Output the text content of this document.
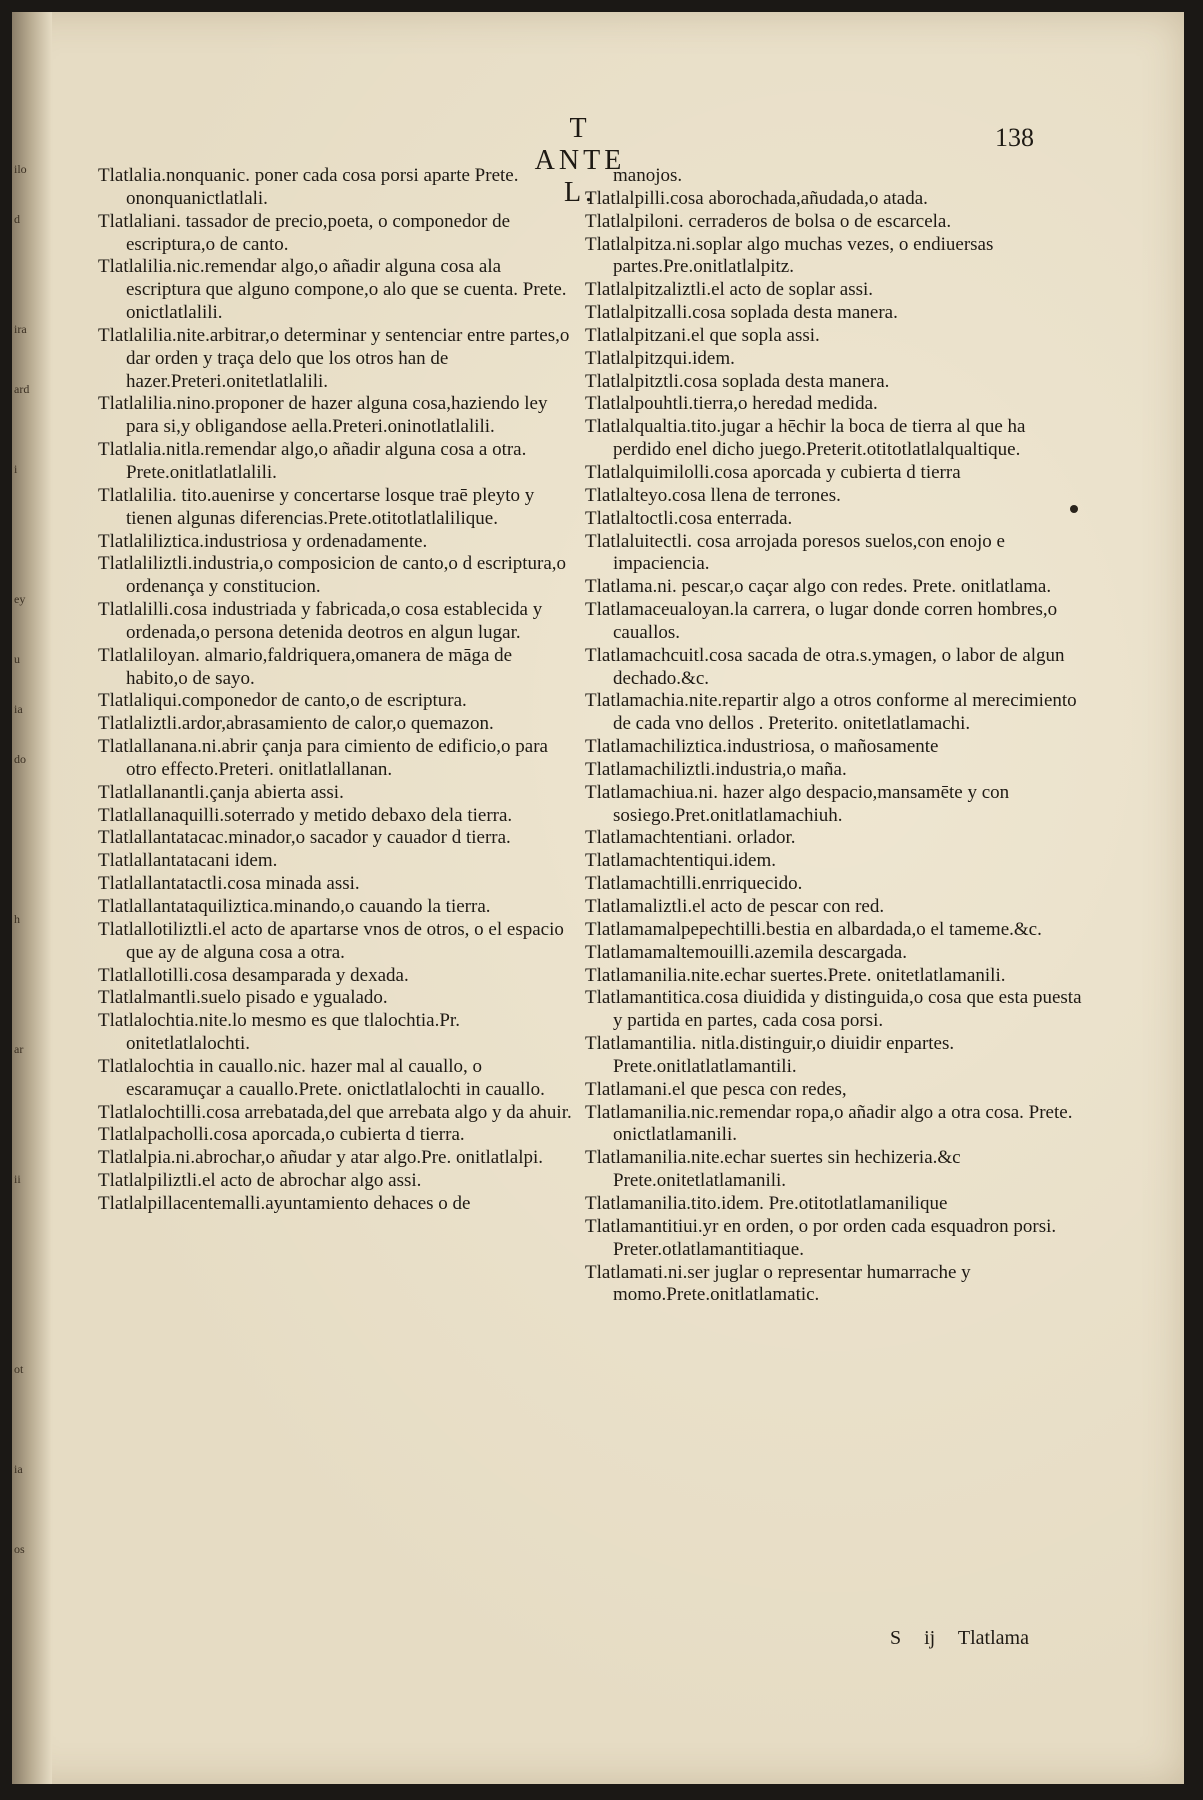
ilo
d
ira
ard
i
ey
u
ia
do
h
ar
ii
ot
ia
os
T ANTE L.
138

Tlatlalia.nonquanic. poner cada cosa porsi aparte Prete. ononquanictlatlali.

Tlatlaliani. tassador de precio,poeta, o componedor de escriptura,o de canto.

Tlatlalilia.nic.remendar algo,o añadir alguna cosa ala escriptura que alguno compone,o alo que se cuenta. Prete. onictlatlalili.

Tlatlalilia.nite.arbitrar,o determinar y sentenciar entre partes,o dar orden y traça delo que los otros han de hazer.Preteri.onitetlatlalili.

Tlatlalilia.nino.proponer de hazer alguna cosa,haziendo ley para si,y obligandose aella.Preteri.oninotlatlalili.

Tlatlalia.nitla.remendar algo,o añadir alguna cosa a otra. Prete.onitlatlatlalili.

Tlatlalilia. tito.auenirse y concertarse losque traē pleyto y tienen algunas diferencias.Prete.otitotlatlalilique.

Tlatlaliliztica.industriosa y ordenadamente.

Tlatlaliliztli.industria,o composicion de canto,o d escriptura,o ordenança y constitucion.

Tlatlalilli.cosa industriada y fabricada,o cosa establecida y ordenada,o persona detenida deotros en algun lugar.

Tlatlaliloyan. almario,faldriquera,omanera de māga de habito,o de sayo.

Tlatlaliqui.componedor de canto,o de escriptura.

Tlatlaliztli.ardor,abrasamiento de calor,o quemazon.

Tlatlallanana.ni.abrir çanja para cimiento de edificio,o para otro effecto.Preteri. onitlatlallanan.

Tlatlallanantli.çanja abierta assi.

Tlatlallanaquilli.soterrado y metido debaxo dela tierra.

Tlatlallantatacac.minador,o sacador y cauador d tierra.

Tlatlallantatacani idem.

Tlatlallantatactli.cosa minada assi.

Tlatlallantataquiliztica.minando,o cauando la tierra.

Tlatlallotiliztli.el acto de apartarse vnos de otros, o el espacio que ay de alguna cosa a otra.

Tlatlallotilli.cosa desamparada y dexada.

Tlatlalmantli.suelo pisado e ygualado.

Tlatlalochtia.nite.lo mesmo es que tlalochtia.Pr. onitetlatlalochti.

Tlatlalochtia in cauallo.nic. hazer mal al cauallo, o escaramuçar a cauallo.Prete. onictlatlalochti in cauallo.

Tlatlalochtilli.cosa arrebatada,del que arrebata algo y da ahuir.

Tlatlalpacholli.cosa aporcada,o cubierta d tierra.

Tlatlalpia.ni.abrochar,o añudar y atar algo.Pre. onitlatlalpi.

Tlatlalpiliztli.el acto de abrochar algo assi.

Tlatlalpillacentemalli.ayuntamiento dehaces o de

manojos.

Tlatlalpilli.cosa aborochada,añudada,o atada.

Tlatlalpiloni. cerraderos de bolsa o de escarcela.

Tlatlalpitza.ni.soplar algo muchas vezes, o endiuersas partes.Pre.onitlatlalpitz.

Tlatlalpitzaliztli.el acto de soplar assi.

Tlatlalpitzalli.cosa soplada desta manera.

Tlatlalpitzani.el que sopla assi.

Tlatlalpitzqui.idem.

Tlatlalpitztli.cosa soplada desta manera.

Tlatlalpouhtli.tierra,o heredad medida.

Tlatlalqualtia.tito.jugar a hēchir la boca de tierra al que ha perdido enel dicho juego.Preterit.otitotlatlalqualtique.

Tlatlalquimilolli.cosa aporcada y cubierta d tierra

Tlatlalteyo.cosa llena de terrones.

Tlatlaltoctli.cosa enterrada.

Tlatlaluitectli. cosa arrojada poresos suelos,con enojo e impaciencia.

Tlatlama.ni. pescar,o caçar algo con redes. Prete. onitlatlama.

Tlatlamaceualoyan.la carrera, o lugar donde corren hombres,o cauallos.

Tlatlamachcuitl.cosa sacada de otra.s.ymagen, o labor de algun dechado.&c.

Tlatlamachia.nite.repartir algo a otros conforme al merecimiento de cada vno dellos . Preterito. onitetlatlamachi.

Tlatlamachiliztica.industriosa, o mañosamente

Tlatlamachiliztli.industria,o maña.

Tlatlamachiua.ni. hazer algo despacio,mansamēte y con sosiego.Pret.onitlatlamachiuh.

Tlatlamachtentiani. orlador.

Tlatlamachtentiqui.idem.

Tlatlamachtilli.enrriquecido.

Tlatlamaliztli.el acto de pescar con red.

Tlatlamamalpepechtilli.bestia en albardada,o el tameme.&c.

Tlatlamamaltemouilli.azemila descargada.

Tlatlamanilia.nite.echar suertes.Prete. onitetlatlamanili.

Tlatlamantitica.cosa diuidida y distinguida,o cosa que esta puesta y partida en partes, cada cosa porsi.

Tlatlamantilia. nitla.distinguir,o diuidir enpartes. Prete.onitlatlatlamantili.

Tlatlamani.el que pesca con redes,

Tlatlamanilia.nic.remendar ropa,o añadir algo a otra cosa. Prete. onictlatlamanili.

Tlatlamanilia.nite.echar suertes sin hechizeria.&c Prete.onitetlatlamanili.

Tlatlamanilia.tito.idem. Pre.otitotlatlamanilique

Tlatlamantitiui.yr en orden, o por orden cada esquadron porsi. Preter.otlatlamantitiaque.

Tlatlamati.ni.ser juglar o representar humarrache y momo.Prete.onitlatlamatic.

S ij Tlatlama
